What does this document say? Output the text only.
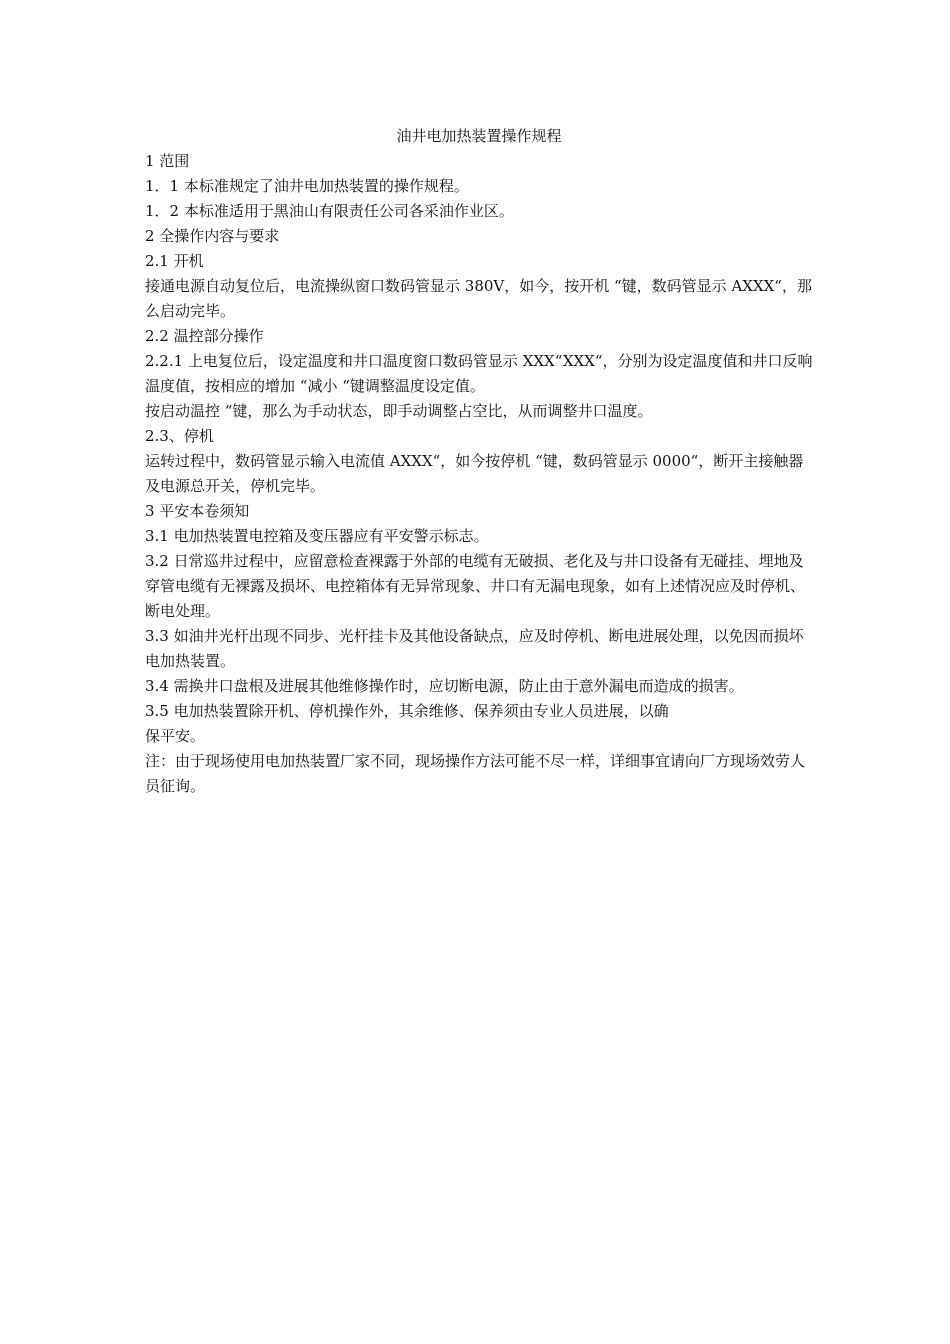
油井电加热装置操作规程

1 范围

1．1 本标准规定了油井电加热装置的操作规程。

1．2 本标准适用于黑油山有限责任公司各采油作业区。

2 全操作内容与要求

2.1 开机

接通电源自动复位后，电流操纵窗口数码管显示 380V，如今，按开机 “键，数码管显示 AXXX“，那么启动完毕。

2.2 温控部分操作

2.2.1 上电复位后，设定温度和井口温度窗口数码管显示 XXX“XXX“，分别为设定温度值和井口反响温度值，按相应的增加 “减小 “键调整温度设定值。

按启动温控 “键，那么为手动状态，即手动调整占空比，从而调整井口温度。

2.3、停机

运转过程中，数码管显示输入电流值 AXXX“，如今按停机 “键，数码管显示 0000“，断开主接触器及电源总开关，停机完毕。

3 平安本卷须知

3.1 电加热装置电控箱及变压器应有平安警示标志。

3.2 日常巡井过程中，应留意检查裸露于外部的电缆有无破损、老化及与井口设备有无碰挂、埋地及穿管电缆有无裸露及损坏、电控箱体有无异常现象、井口有无漏电现象，如有上述情况应及时停机、断电处理。

3.3 如油井光杆出现不同步、光杆挂卡及其他设备缺点，应及时停机、断电进展处理，以免因而损坏电加热装置。

3.4 需换井口盘根及进展其他维修操作时，应切断电源，防止由于意外漏电而造成的损害。

3.5 电加热装置除开机、停机操作外，其余维修、保养须由专业人员进展，以确

保平安。

注：由于现场使用电加热装置厂家不同，现场操作方法可能不尽一样，详细事宜请向厂方现场效劳人员征询。
